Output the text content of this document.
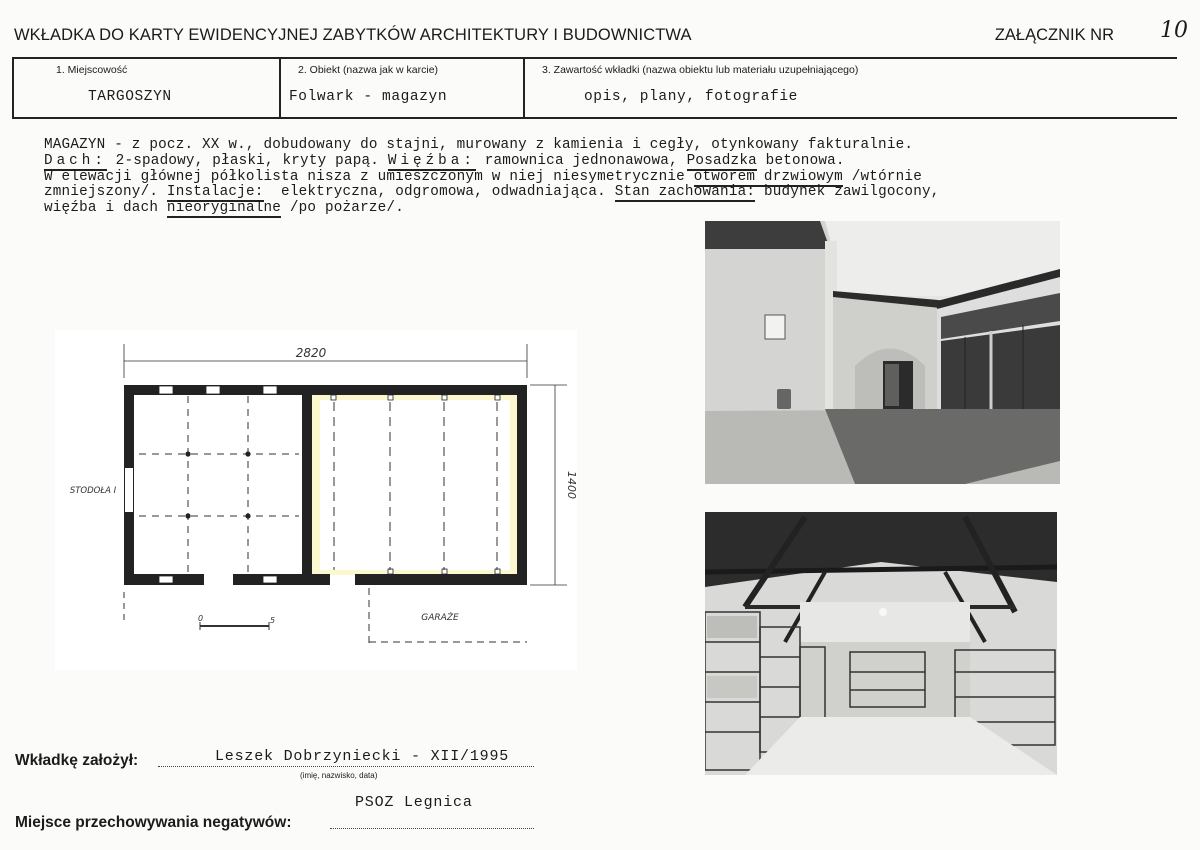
WKŁADKA DO KARTY EWIDENCYJNEJ ZABYTKÓW ARCHITEKTURY I BUDOWNICTWA	ZAŁĄCZNIK NR 10
1. Miejscowość
TARGOSZYN
2. Obiekt (nazwa jak w karcie)
Folwark - magazyn
3. Zawartość wkładki (nazwa obiektu lub materiału uzupełniającego)
opis, plany, fotografie
MAGAZYN - z pocz. XX w., dobudowany do stajni, murowany z kamienia i cegły, otynkowany fakturalnie.
Dach: 2-spadowy, płaski, kryty papą. Więźba: ramownica jednonawowa, Posadzka betonowa.
W elewacji głównej półkolista nisza z umieszczonym w niej niesymetrycznie otworem drzwiowym /wtórnie
zmniejszony/. Instalacje:  elektryczna, odgromowa, odwadniająca. Stan zachowania: budynek zawilgocony,
więźba i dach nieoryginalne /po pożarze/.
2820
1400
STODOŁA I
GARAŻE
0	5
Wkładkę założył:	Leszek Dobrzyniecki - XII/1995
(imię, nazwisko, data)
PSOZ Legnica
Miejsce przechowywania negatywów:
